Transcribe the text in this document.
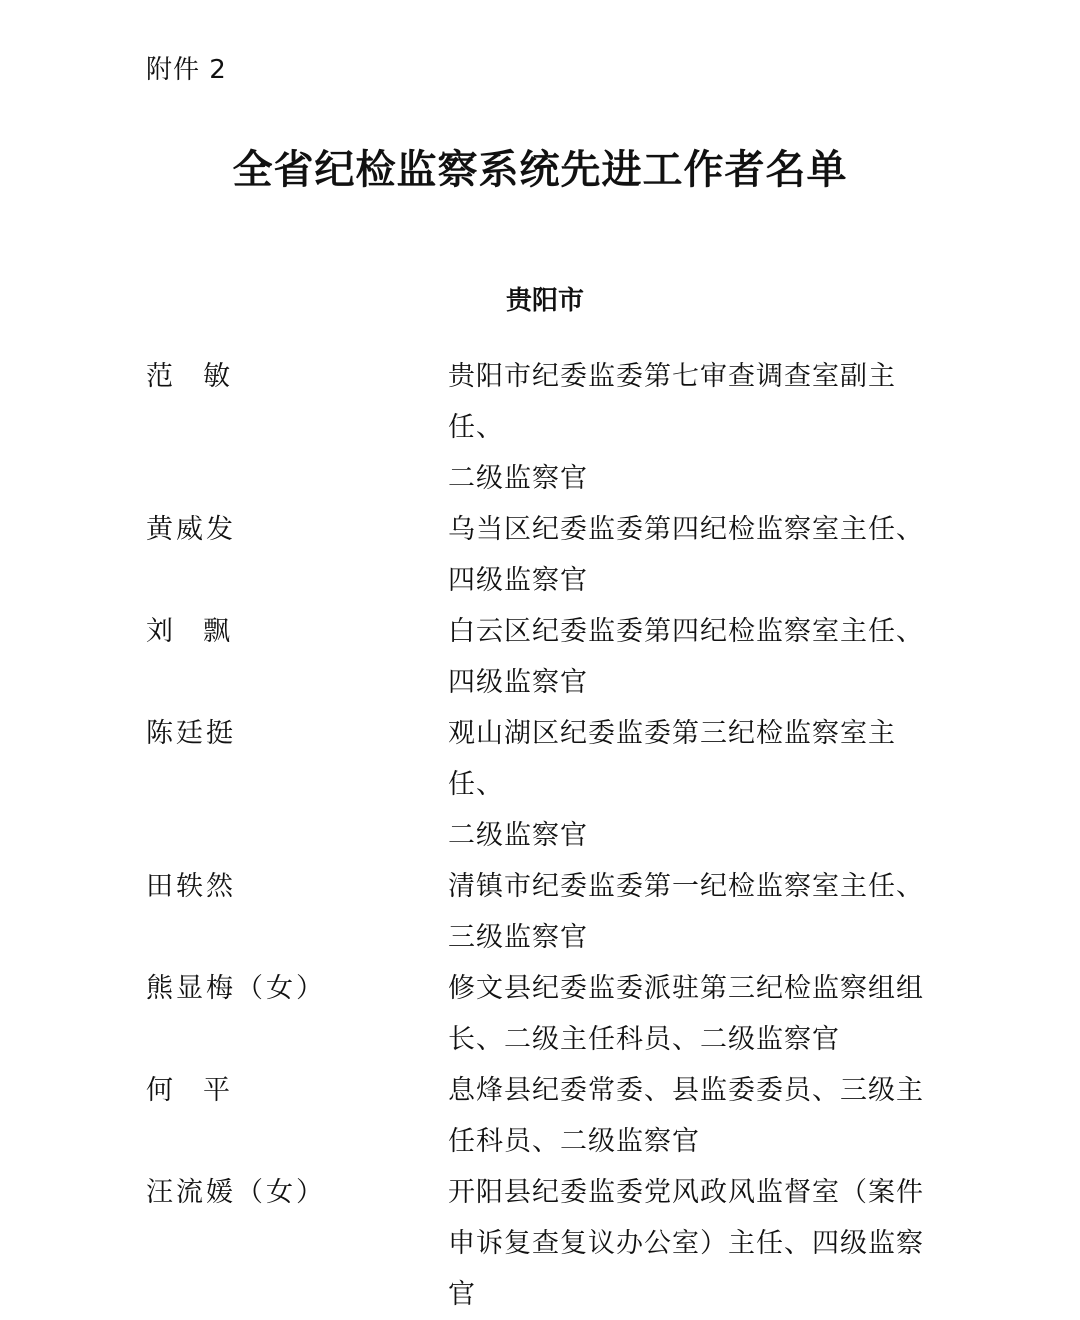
附件 2
全省纪检监察系统先进工作者名单
贵阳市
范敏	贵阳市纪委监委第七审查调查室副主任、
二级监察官
黄威发	乌当区纪委监委第四纪检监察室主任、
四级监察官
刘飘	白云区纪委监委第四纪检监察室主任、
四级监察官
陈廷挺	观山湖区纪委监委第三纪检监察室主任、
二级监察官
田轶然	清镇市纪委监委第一纪检监察室主任、
三级监察官
熊显梅（女）	修文县纪委监委派驻第三纪检监察组组
长、二级主任科员、二级监察官
何平	息烽县纪委常委、县监委委员、三级主
任科员、二级监察官
汪流媛（女）	开阳县纪委监委党风政风监督室（案件
申诉复查复议办公室）主任、四级监察官
